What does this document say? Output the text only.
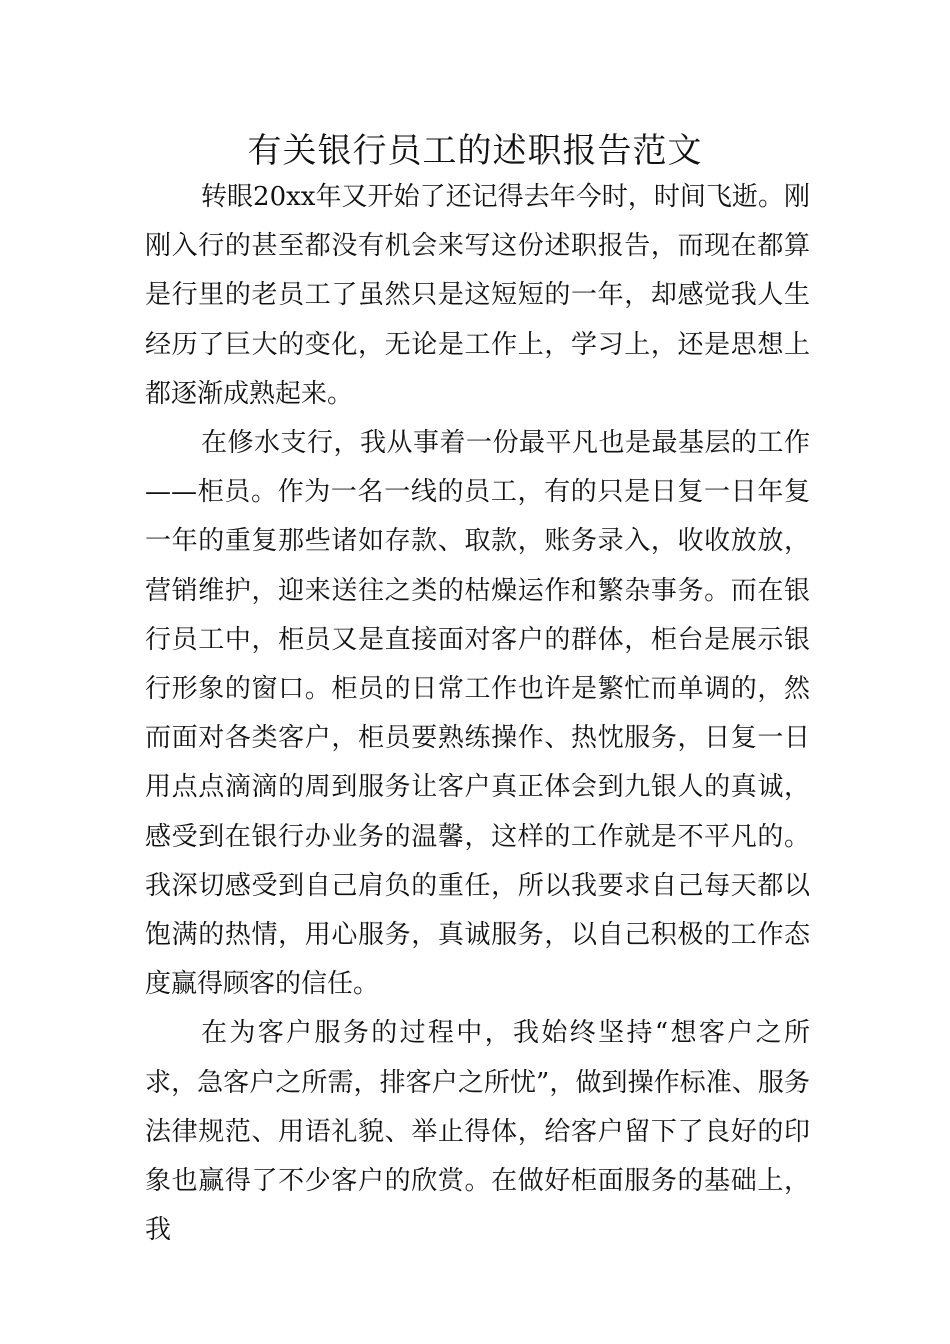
有关银行员工的述职报告范文

转眼20xx年又开始了还记得去年今时，时间飞逝。刚刚入行的甚至都没有机会来写这份述职报告，而现在都算是行里的老员工了虽然只是这短短的一年，却感觉我人生经历了巨大的变化，无论是工作上，学习上，还是思想上都逐渐成熟起来。

在修水支行，我从事着一份最平凡也是最基层的工作——柜员。作为一名一线的员工，有的只是日复一日年复一年的重复那些诸如存款、取款，账务录入，收收放放，营销维护，迎来送往之类的枯燥运作和繁杂事务。而在银行员工中，柜员又是直接面对客户的群体，柜台是展示银行形象的窗口。柜员的日常工作也许是繁忙而单调的，然而面对各类客户，柜员要熟练操作、热忱服务，日复一日用点点滴滴的周到服务让客户真正体会到九银人的真诚，感受到在银行办业务的温馨，这样的工作就是不平凡的。我深切感受到自己肩负的重任，所以我要求自己每天都以饱满的热情，用心服务，真诚服务，以自己积极的工作态度赢得顾客的信任。

在为客户服务的过程中，我始终坚持“想客户之所求，急客户之所需，排客户之所忧”，做到操作标准、服务法律规范、用语礼貌、举止得体，给客户留下了良好的印象也赢得了不少客户的欣赏。在做好柜面服务的基础上，我
